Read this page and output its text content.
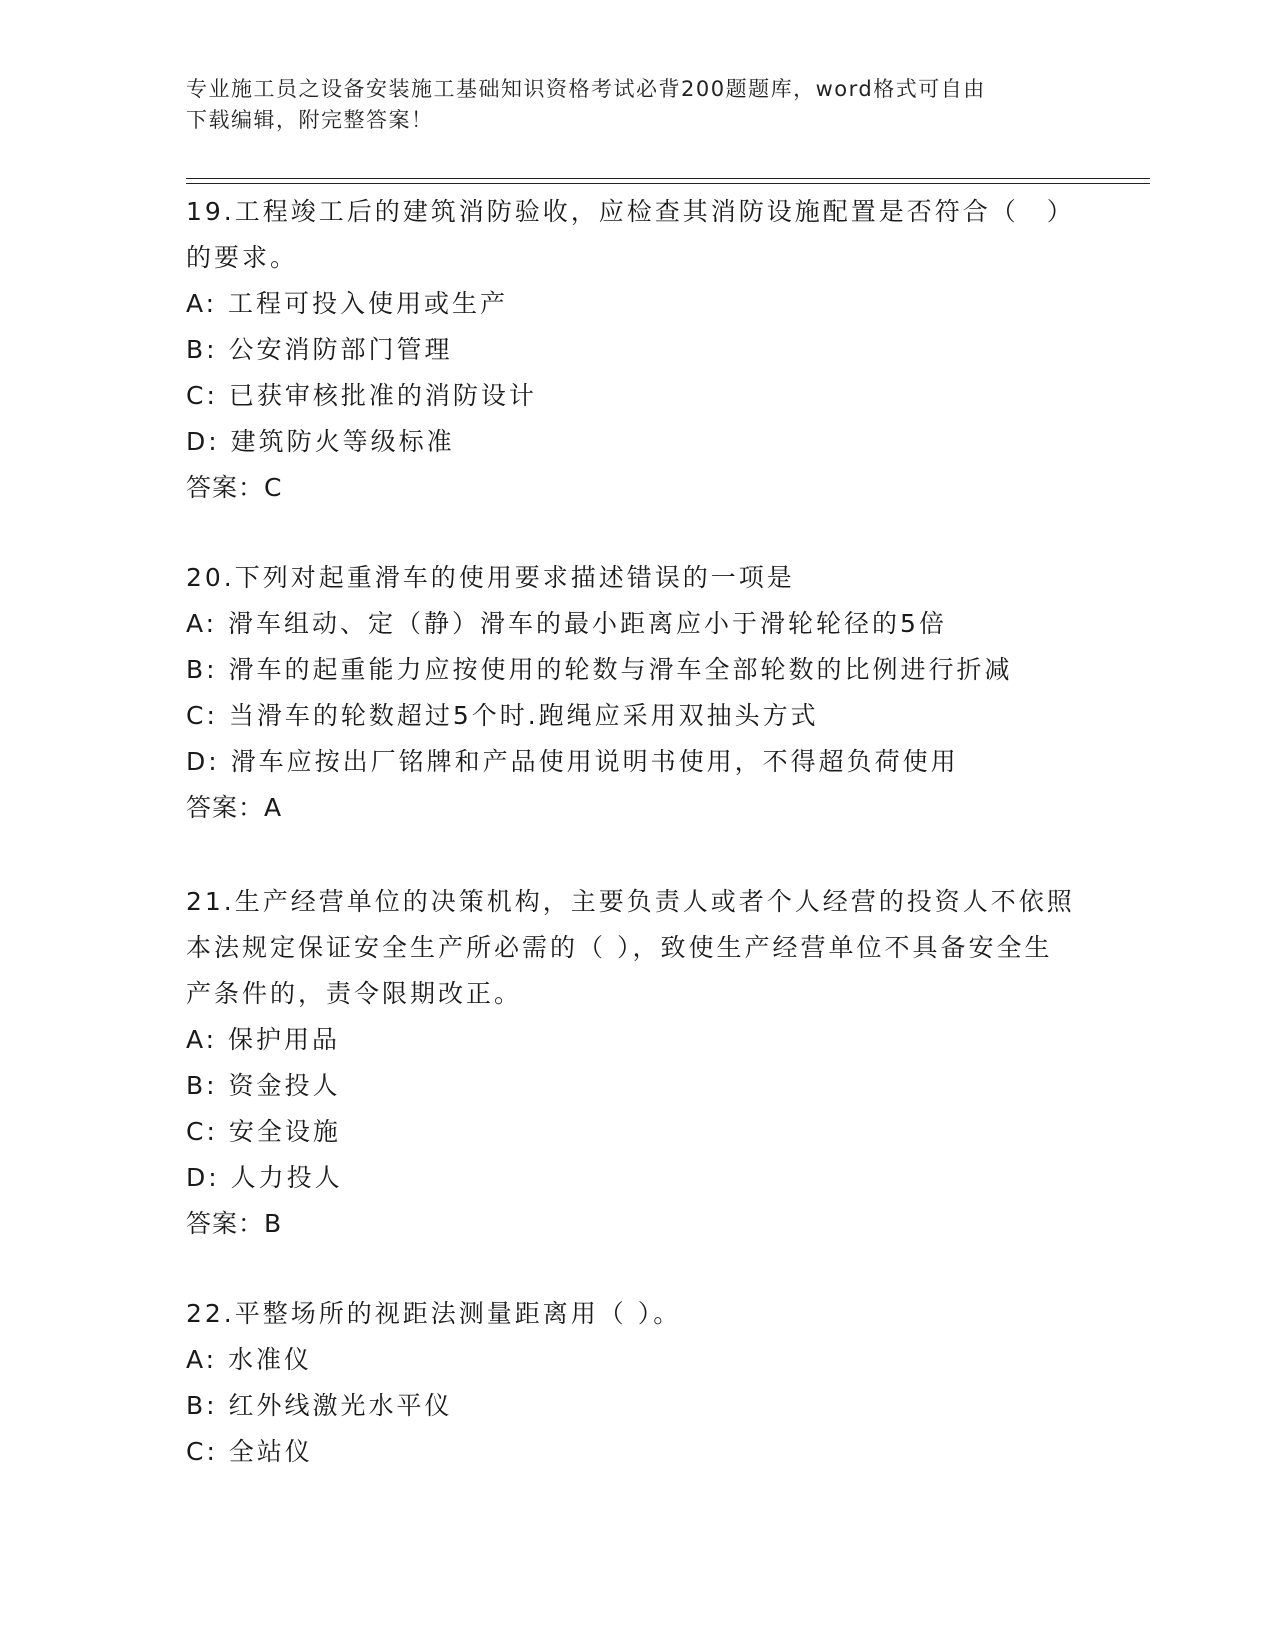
专业施工员之设备安装施工基础知识资格考试必背200题题库，word格式可自由
下载编辑，附完整答案！

19.工程竣工后的建筑消防验收，应检查其消防设施配置是否符合（　）的要求。

A: 工程可投入使用或生产

B: 公安消防部门管理

C: 已获审核批准的消防设计

D: 建筑防火等级标准

答案：C

20.下列对起重滑车的使用要求描述错误的一项是

A: 滑车组动、定（静）滑车的最小距离应小于滑轮轮径的5倍

B: 滑车的起重能力应按使用的轮数与滑车全部轮数的比例进行折减

C: 当滑车的轮数超过5个时.跑绳应采用双抽头方式

D: 滑车应按出厂铭牌和产品使用说明书使用，不得超负荷使用

答案：A

21.生产经营单位的决策机构，主要负责人或者个人经营的投资人不依照本法规定保证安全生产所必需的（ ），致使生产经营单位不具备安全生产条件的，责令限期改正。

A: 保护用品

B: 资金投人

C: 安全设施

D: 人力投人

答案：B

22.平整场所的视距法测量距离用（ ）。

A: 水准仪

B: 红外线激光水平仪

C: 全站仪
